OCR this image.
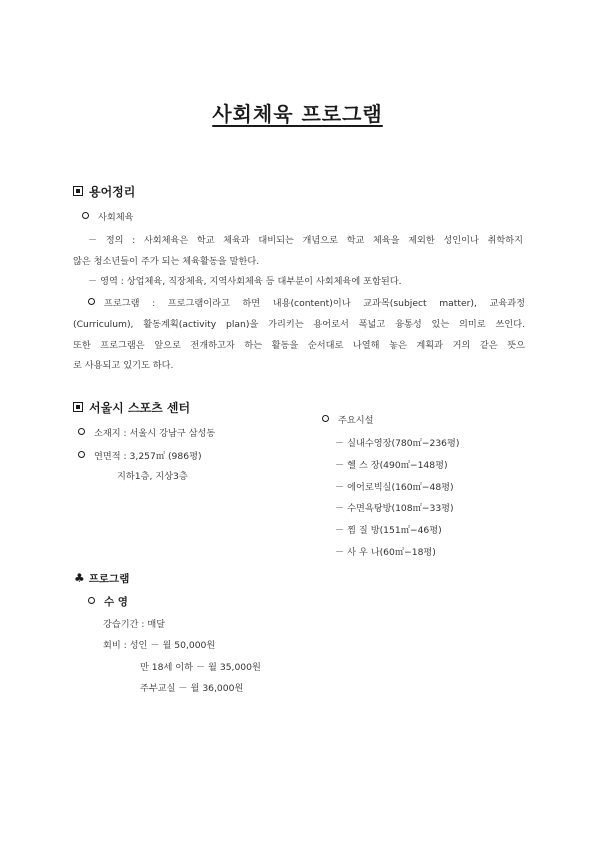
사회체육 프로그램
용어정리
사회체육
－ 정의 : 사회체육은 학교 체육과 대비되는 개념으로 학교 체육을 제외한 성인이나 취학하지
않은 청소년들이 주가 되는 체육활동을 말한다.
－ 영역 : 상업체육, 직장체육, 지역사회체육 등 대부분이 사회체육에 포함된다.
프로그램 : 프로그램이라고 하면 내용(content)이나 교과목(subject matter), 교육과정
(Curriculum), 활동계획(activity plan)을 가리키는 용어로서 폭넓고 융통성 있는 의미로 쓰인다.
또한 프로그램은 앞으로 전개하고자 하는 활동을 순서대로 나열해 놓은 계획과 거의 같은 뜻으
로 사용되고 있기도 하다.
서울시 스포츠 센터
소재지 : 서울시 강남구 삼성동
연면적 : 3,257㎡ (986평)
지하1층, 지상3층
주요시설
－ 실내수영장(780㎡−236평)
－ 헬 스 장(490㎡−148평)
－ 에어로빅실(160㎡−48평)
－ 수면욕탕방(108㎡−33평)
－ 찜 질 방(151㎡−46평)
－ 사 우 나(60㎡−18평)
♣ 프로그램
수 영
강습기간 : 매달
회비 : 성인 － 월 50,000원
만 18세 이하 － 월 35,000원
주부교실 － 월 36,000원
